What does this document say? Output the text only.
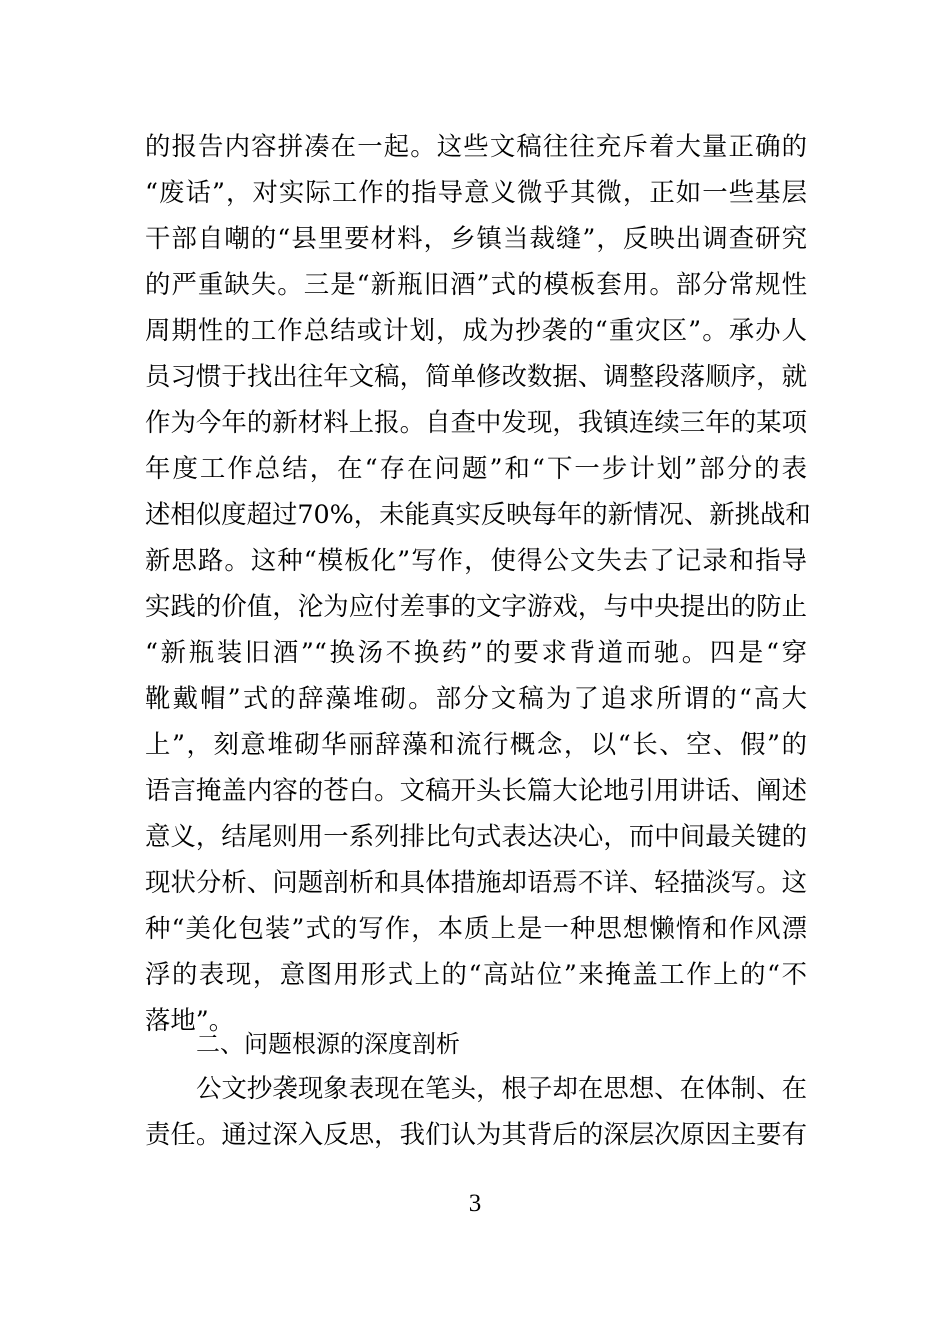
的报告内容拼凑在一起。这些文稿往往充斥着大量正确的
“废话”，对实际工作的指导意义微乎其微，正如一些基层
干部自嘲的“县里要材料，乡镇当裁缝”，反映出调查研究
的严重缺失。三是“新瓶旧酒”式的模板套用。部分常规性
周期性的工作总结或计划，成为抄袭的“重灾区”。承办人
员习惯于找出往年文稿，简单修改数据、调整段落顺序，就
作为今年的新材料上报。自查中发现，我镇连续三年的某项
年度工作总结，在“存在问题”和“下一步计划”部分的表
述相似度超过70%，未能真实反映每年的新情况、新挑战和
新思路。这种“模板化”写作，使得公文失去了记录和指导
实践的价值，沦为应付差事的文字游戏，与中央提出的防止
“新瓶装旧酒”“换汤不换药”的要求背道而驰。四是“穿
靴戴帽”式的辞藻堆砌。部分文稿为了追求所谓的“高大
上”，刻意堆砌华丽辞藻和流行概念，以“长、空、假”的
语言掩盖内容的苍白。文稿开头长篇大论地引用讲话、阐述
意义，结尾则用一系列排比句式表达决心，而中间最关键的
现状分析、问题剖析和具体措施却语焉不详、轻描淡写。这
种“美化包装”式的写作，本质上是一种思想懒惰和作风漂
浮的表现，意图用形式上的“高站位”来掩盖工作上的“不
落地”。
二、问题根源的深度剖析
公文抄袭现象表现在笔头，根子却在思想、在体制、在
责任。通过深入反思，我们认为其背后的深层次原因主要有
3
